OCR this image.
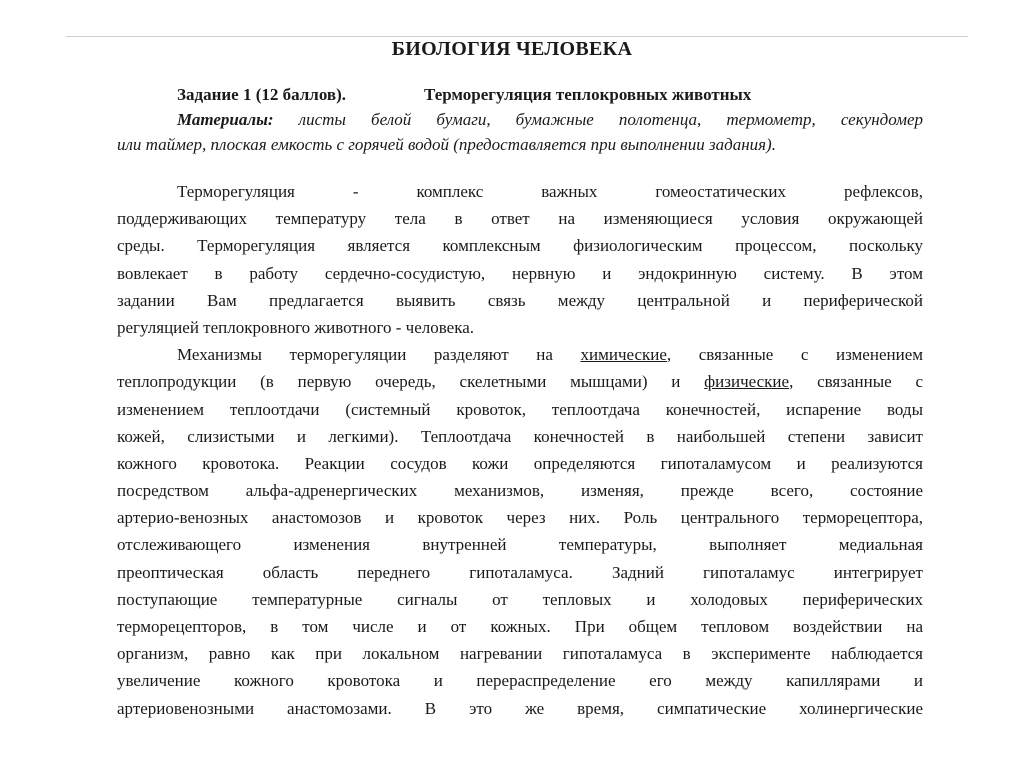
БИОЛОГИЯ ЧЕЛОВЕКА
Задание 1 (12 баллов).	Терморегуляция теплокровных животных
Материалы: листы белой бумаги, бумажные полотенца, термометр, секундомер
или таймер, плоская емкость с горячей водой (предоставляется при выполнении задания).
Терморегуляция - комплекс важных гомеостатических рефлексов,
поддерживающих температуру тела в ответ на изменяющиеся условия окружающей
среды. Терморегуляция является комплексным физиологическим процессом, поскольку
вовлекает в работу сердечно-сосудистую, нервную и эндокринную систему. В этом
задании Вам предлагается выявить связь между центральной и периферической
регуляцией теплокровного животного - человека.
Механизмы терморегуляции разделяют на химические, связанные с изменением
теплопродукции (в первую очередь, скелетными мышцами) и физические, связанные с
изменением теплоотдачи (системный кровоток, теплоотдача конечностей, испарение воды
кожей, слизистыми и легкими). Теплоотдача конечностей в наибольшей степени зависит
кожного кровотока. Реакции сосудов кожи определяются гипоталамусом и реализуются
посредством альфа-адренергических механизмов, изменяя, прежде всего, состояние
артерио-венозных анастомозов и кровоток через них. Роль центрального терморецептора,
отслеживающего изменения внутренней температуры, выполняет медиальная
преоптическая область переднего гипоталамуса. Задний гипоталамус интегрирует
поступающие температурные сигналы от тепловых и холодовых периферических
терморецепторов, в том числе и от кожных. При общем тепловом воздействии на
организм, равно как при локальном нагревании гипоталамуса в эксперименте наблюдается
увеличение кожного кровотока и перераспределение его между капиллярами и
артериовенозными анастомозами. В это же время, симпатические холинергические
